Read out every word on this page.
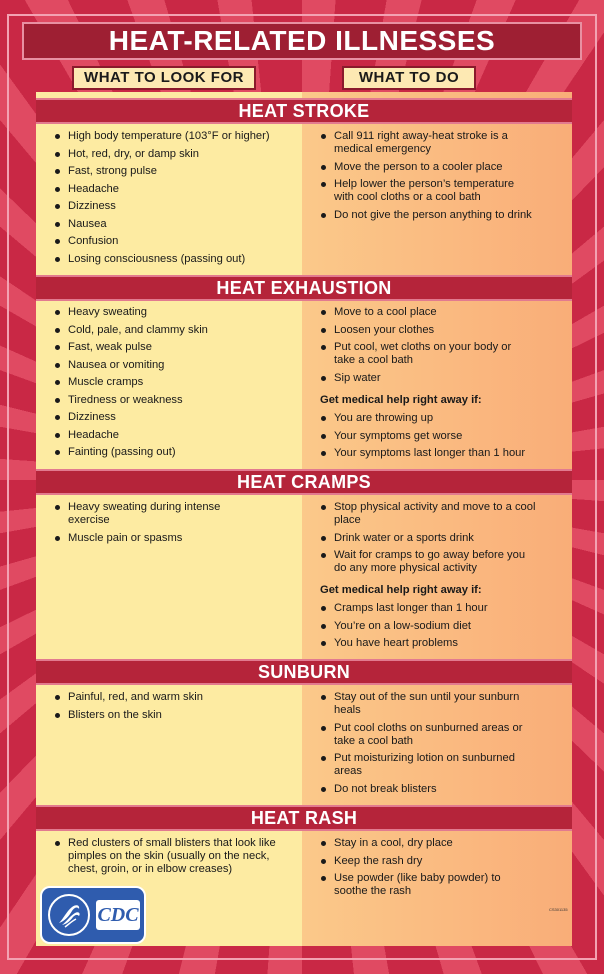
HEAT-RELATED ILLNESSES
WHAT TO LOOK FOR	WHAT TO DO
HEAT STROKE
High body temperature (103°F or higher)
Hot, red, dry, or damp skin
Fast, strong pulse
Headache
Dizziness
Nausea
Confusion
Losing consciousness (passing out)
Call 911 right away-heat stroke is a medical emergency
Move the person to a cooler place
Help lower the person’s temperature with cool cloths or a cool bath
Do not give the person anything to drink
HEAT EXHAUSTION
Heavy sweating
Cold, pale, and clammy skin
Fast, weak pulse
Nausea or vomiting
Muscle cramps
Tiredness or weakness
Dizziness
Headache
Fainting (passing out)
Move to a cool place
Loosen your clothes
Put cool, wet cloths on your body or take a cool bath
Sip water
Get medical help right away if:
You are throwing up
Your symptoms get worse
Your symptoms last longer than 1 hour
HEAT CRAMPS
Heavy sweating during intense exercise
Muscle pain or spasms
Stop physical activity and move to a cool place
Drink water or a sports drink
Wait for cramps to go away before you do any more physical activity
Get medical help right away if:
Cramps last longer than 1 hour
You’re on a low-sodium diet
You have heart problems
SUNBURN
Painful, red, and warm skin
Blisters on the skin
Stay out of the sun until your sunburn heals
Put cool cloths on sunburned areas or take a cool bath
Put moisturizing lotion on sunburned areas
Do not break blisters
HEAT RASH
Red clusters of small blisters that look like pimples on the skin (usually on the neck, chest, groin, or in elbow creases)
Stay in a cool, dry place
Keep the rash dry
Use powder (like baby powder) to soothe the rash
CDC	CS301135
